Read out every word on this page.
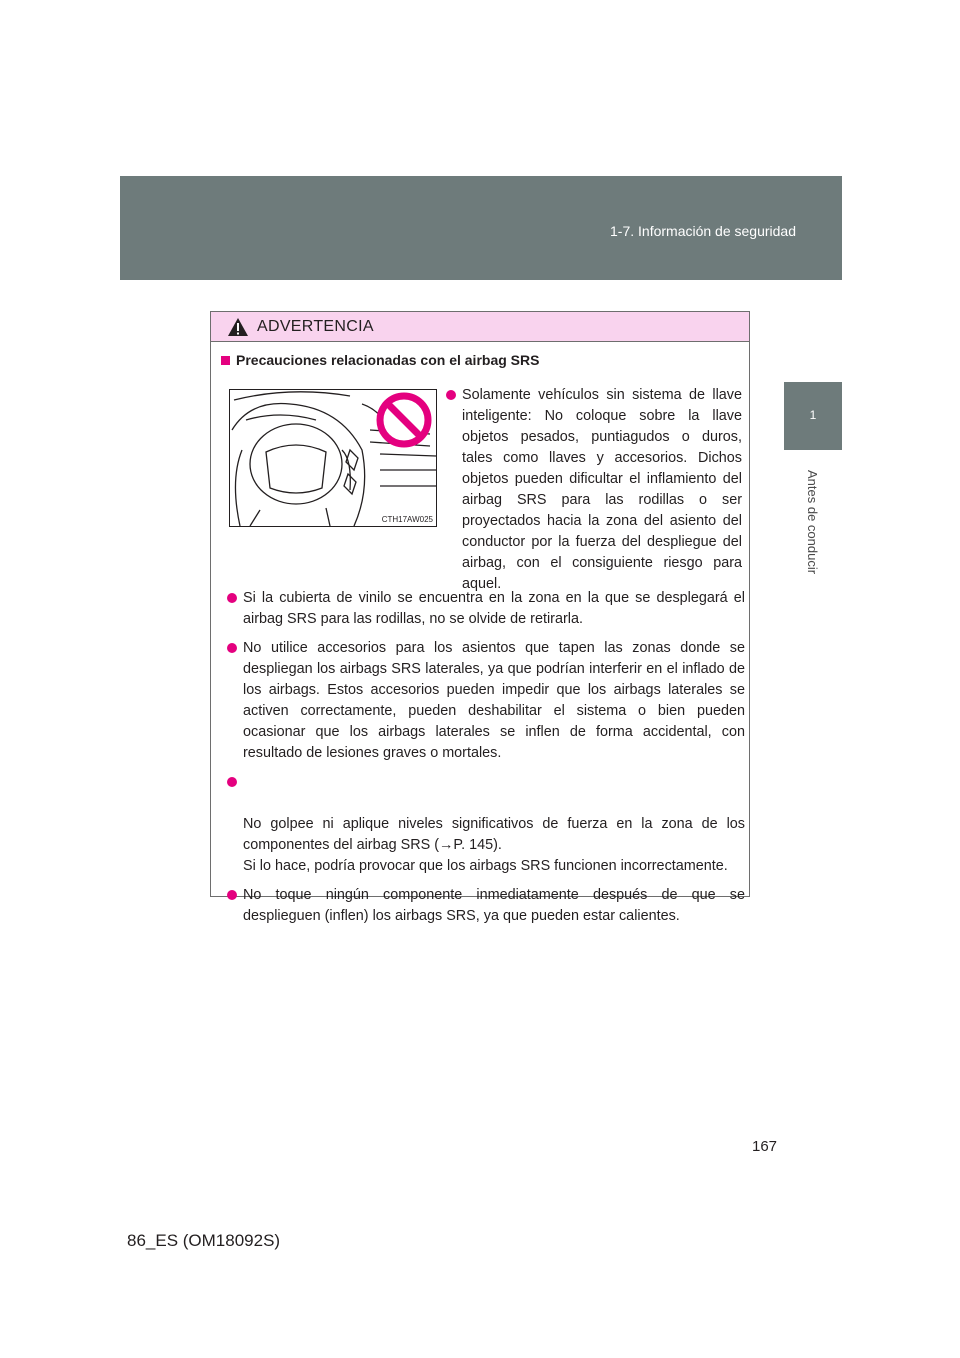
1-7. Información de seguridad
1
Antes de conducir
ADVERTENCIA
Precauciones relacionadas con el airbag SRS
CTH17AW025
Solamente vehículos sin sistema de llave inteligente: No coloque sobre la llave objetos pesados, puntiagudos o duros, tales como llaves y accesorios. Dichos objetos pueden dificultar el inflamiento del airbag SRS para las rodillas o ser proyectados hacia la zona del asiento del conductor por la fuerza del despliegue del airbag, con el consiguiente riesgo para aquel.
Si la cubierta de vinilo se encuentra en la zona en la que se desplegará el airbag SRS para las rodillas, no se olvide de retirarla.
No utilice accesorios para los asientos que tapen las zonas donde se despliegan los airbags SRS laterales, ya que podrían interferir en el inflado de los airbags. Estos accesorios pueden impedir que los airbags laterales se activen correctamente, pueden deshabilitar el sistema o bien pueden ocasionar que los airbags laterales se inflen de forma accidental, con resultado de lesiones graves o mortales.

No golpee ni aplique niveles significativos de fuerza en la zona de los componentes del airbag SRS (→P. 145).
Si lo hace, podría provocar que los airbags SRS funcionen incorrectamente.

No toque ningún componente inmediatamente después de que se desplieguen (inflen) los airbags SRS, ya que pueden estar calientes.
167
86_ES (OM18092S)
